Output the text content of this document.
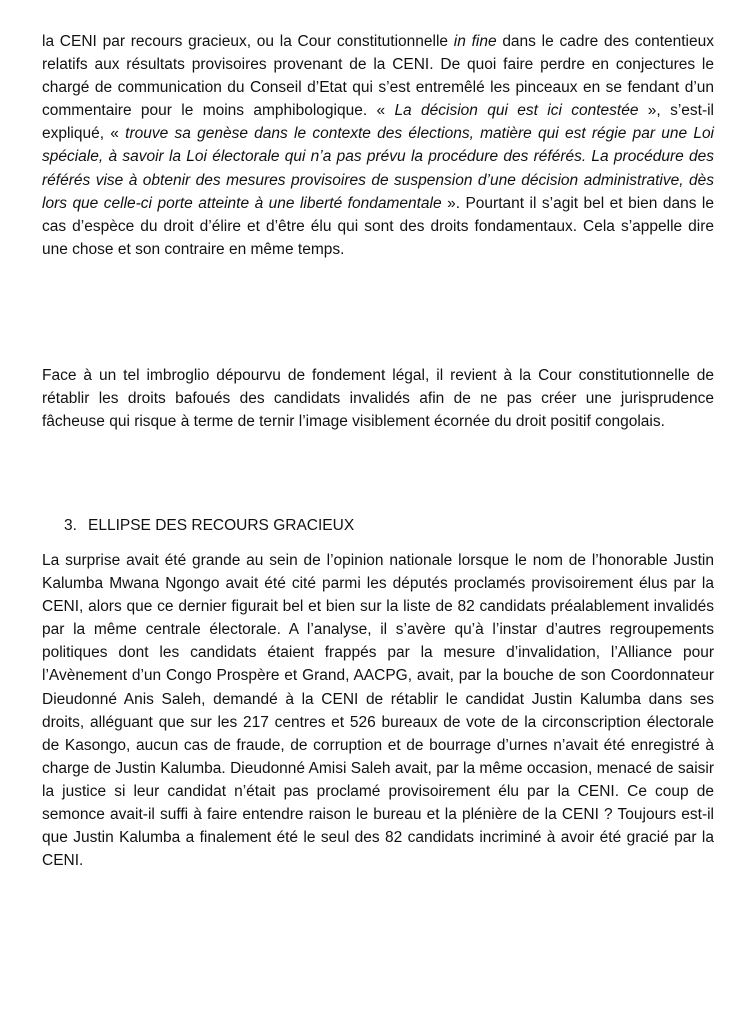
la CENI par recours gracieux, ou la Cour constitutionnelle in fine dans le cadre des contentieux relatifs aux résultats provisoires provenant de la CENI. De quoi faire perdre en conjectures le chargé de communication du Conseil d’Etat qui s’est entremêlé les pinceaux en se fendant d’un commentaire pour le moins amphibologique. « La décision qui est ici contestée », s’est-il expliqué, « trouve sa genèse dans le contexte des élections, matière qui est régie par une Loi spéciale, à savoir la Loi électorale qui n’a pas prévu la procédure des référés. La procédure des référés vise à obtenir des mesures provisoires de suspension d’une décision administrative, dès lors que celle-ci porte atteinte à une liberté fondamentale ». Pourtant il s’agit bel et bien dans le cas d’espèce du droit d’élire et d’être élu qui sont des droits fondamentaux. Cela s’appelle dire une chose et son contraire en même temps.

Face à un tel imbroglio dépourvu de fondement légal, il revient à la Cour constitutionnelle de rétablir les droits bafoués des candidats invalidés afin de ne pas créer une jurisprudence fâcheuse qui risque à terme de ternir l’image visiblement écornée du droit positif congolais.

3. ELLIPSE DES RECOURS GRACIEUX

La surprise avait été grande au sein de l’opinion nationale lorsque le nom de l’honorable Justin Kalumba Mwana Ngongo avait été cité parmi les députés proclamés provisoirement élus par la CENI, alors que ce dernier figurait bel et bien sur la liste de 82 candidats préalablement invalidés par la même centrale électorale. A l’analyse, il s’avère qu’à l’instar d’autres regroupements politiques dont les candidats étaient frappés par la mesure d’invalidation, l’Alliance pour l’Avènement d’un Congo Prospère et Grand, AACPG, avait, par la bouche de son Coordonnateur Dieudonné Anis Saleh, demandé à la CENI de rétablir le candidat Justin Kalumba dans ses droits, alléguant que sur les 217 centres et 526 bureaux de vote de la circonscription électorale de Kasongo, aucun cas de fraude, de corruption et de bourrage d’urnes n’avait été enregistré à charge de Justin Kalumba. Dieudonné Amisi Saleh avait, par la même occasion, menacé de saisir la justice si leur candidat n’était pas proclamé provisoirement élu par la CENI. Ce coup de semonce avait-il suffi à faire entendre raison le bureau et la plénière de la CENI ? Toujours est-il que Justin Kalumba a finalement été le seul des 82 candidats incriminé à avoir été gracié par la CENI.
